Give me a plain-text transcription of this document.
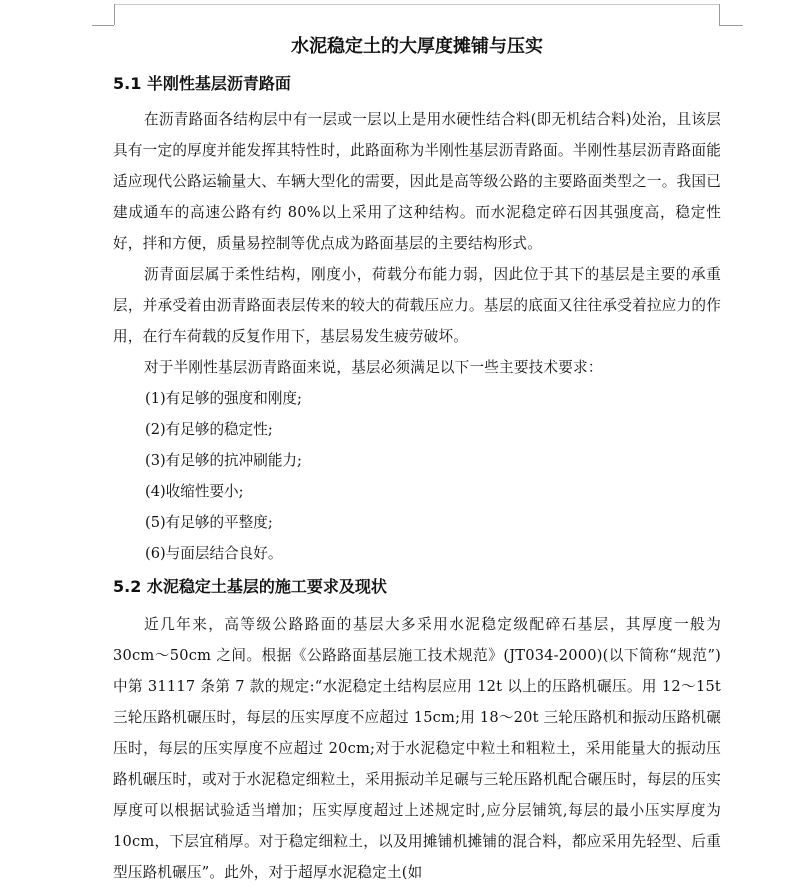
水泥稳定土的大厚度摊铺与压实
5.1 半刚性基层沥青路面

在沥青路面各结构层中有一层或一层以上是用水硬性结合料(即无机结合料)处治，且该层具有一定的厚度并能发挥其特性时，此路面称为半刚性基层沥青路面。半刚性基层沥青路面能适应现代公路运输量大、车辆大型化的需要，因此是高等级公路的主要路面类型之一。我国已建成通车的高速公路有约 80%以上采用了这种结构。而水泥稳定碎石因其强度高，稳定性好，拌和方便，质量易控制等优点成为路面基层的主要结构形式。

沥青面层属于柔性结构，刚度小，荷载分布能力弱，因此位于其下的基层是主要的承重层，并承受着由沥青路面表层传来的较大的荷载压应力。基层的底面又往往承受着拉应力的作用，在行车荷载的反复作用下，基层易发生疲劳破坏。

对于半刚性基层沥青路面来说，基层必须满足以下一些主要技术要求：

(1)有足够的强度和刚度;

(2)有足够的稳定性;

(3)有足够的抗冲刷能力;

(4)收缩性要小;

(5)有足够的平整度;

(6)与面层结合良好。

5.2 水泥稳定土基层的施工要求及现状

近几年来，高等级公路路面的基层大多采用水泥稳定级配碎石基层，其厚度一般为 30cm～50cm 之间。根据《公路路面基层施工技术规范》(JT034-2000)(以下简称“规范”)中第 31117 条第 7 款的规定:“水泥稳定土结构层应用 12t 以上的压路机碾压。用 12～15t 三轮压路机碾压时，每层的压实厚度不应超过 15cm;用 18～20t 三轮压路机和振动压路机碾压时，每层的压实厚度不应超过 20cm;对于水泥稳定中粒土和粗粒土，采用能量大的振动压路机碾压时，或对于水泥稳定细粒土，采用振动羊足碾与三轮压路机配合碾压时，每层的压实厚度可以根据试验适当增加；压实厚度超过上述规定时,应分层铺筑,每层的最小压实厚度为 10cm，下层宜稍厚。对于稳定细粒土，以及用摊铺机摊铺的混合料，都应采用先轻型、后重型压路机碾压”。此外，对于超厚水泥稳定土(如
